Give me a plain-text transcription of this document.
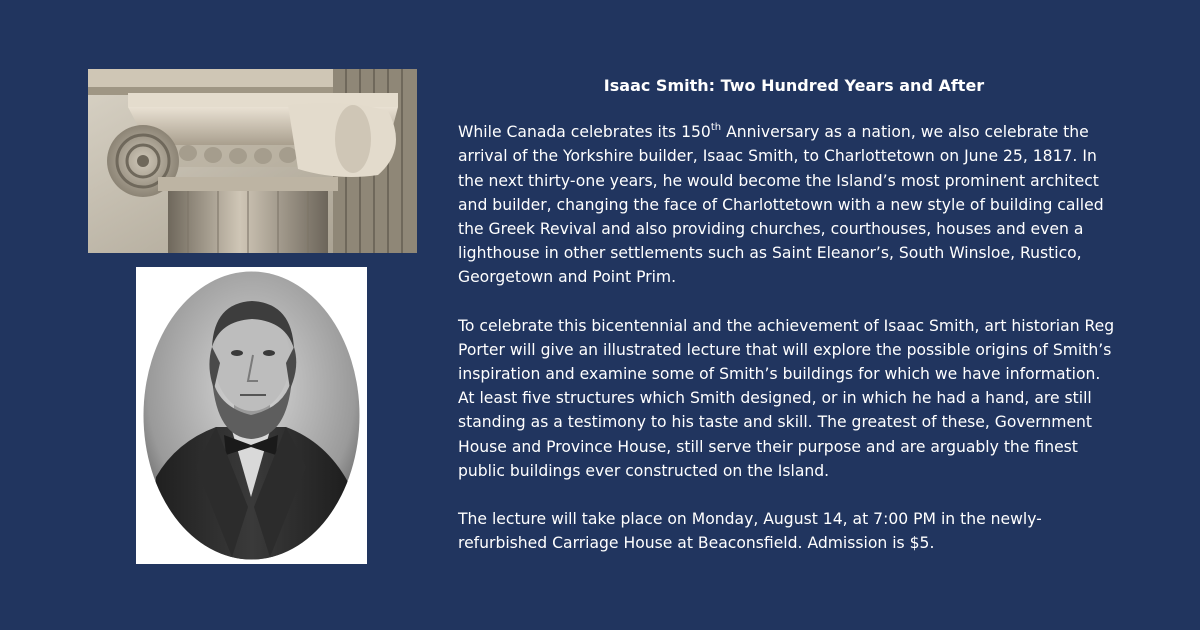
Isaac Smith: Two Hundred Years and After

While Canada celebrates its 150th Anniversary as a nation, we also celebrate the arrival of the Yorkshire builder, Isaac Smith, to Charlottetown on June 25, 1817. In the next thirty-one years, he would become the Island’s most prominent architect and builder, changing the face of Charlottetown with a new style of building called the Greek Revival and also providing churches, courthouses, houses and even a lighthouse in other settlements such as Saint Eleanor’s, South Winsloe, Rustico, Georgetown and Point Prim.

To celebrate this bicentennial and the achievement of Isaac Smith, art historian Reg Porter will give an illustrated lecture that will explore the possible origins of Smith’s inspiration and examine some of Smith’s buildings for which we have information. At least five structures which Smith designed, or in which he had a hand, are still standing as a testimony to his taste and skill. The greatest of these, Government House and Province House, still serve their purpose and are arguably the finest public buildings ever constructed on the Island.

The lecture will take place on Monday, August 14, at 7:00 PM in the newly-refurbished Carriage House at Beaconsfield. Admission is $5.
